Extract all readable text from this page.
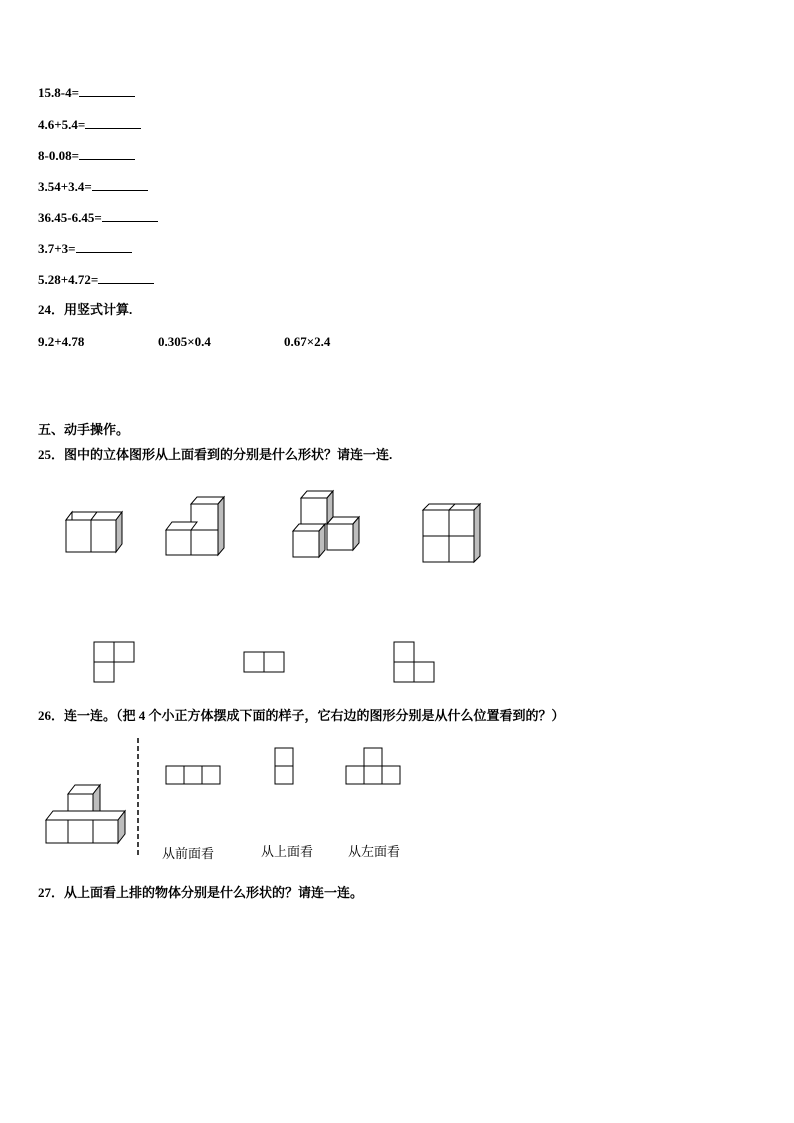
15.8-4=
4.6+5.4=
8-0.08=
3.54+3.4=
36.45-6.45=
3.7+3=
5.28+4.72=
24．用竖式计算.
9.2+4.78	0.305×0.4	0.67×2.4
五、动手操作。
25．图中的立体图形从上面看到的分别是什么形状？请连一连.
26．连一连。（把 4 个小正方体摆成下面的样子，它右边的图形分别是从什么位置看到的？）
从前面看	从上面看	从左面看
27．从上面看上排的物体分别是什么形状的？请连一连。
